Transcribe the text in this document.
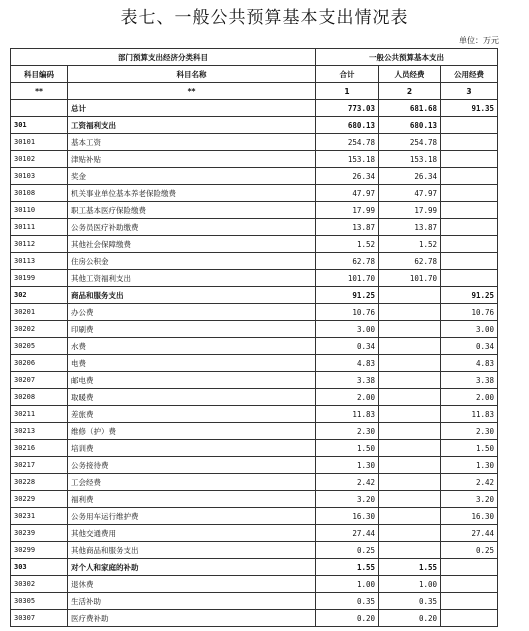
表七、一般公共预算基本支出情况表
单位：万元
部门预算支出经济分类科目		一般公共预算基本支出		
科目编码	科目名称	合计	人员经费	公用经费
**	**	1	2	3
	总计	773.03	681.68	91.35
301	工资福利支出	680.13	680.13	
30101	基本工资	254.78	254.78	
30102	津贴补贴	153.18	153.18	
30103	奖金	26.34	26.34	
30108	机关事业单位基本养老保险缴费	47.97	47.97	
30110	职工基本医疗保险缴费	17.99	17.99	
30111	公务员医疗补助缴费	13.87	13.87	
30112	其他社会保障缴费	1.52	1.52	
30113	住房公积金	62.78	62.78	
30199	其他工资福利支出	101.70	101.70	
302	商品和服务支出	91.25		91.25
30201	办公费	10.76		10.76
30202	印刷费	3.00		3.00
30205	水费	0.34		0.34
30206	电费	4.83		4.83
30207	邮电费	3.38		3.38
30208	取暖费	2.00		2.00
30211	差旅费	11.83		11.83
30213	维修（护）费	2.30		2.30
30216	培训费	1.50		1.50
30217	公务接待费	1.30		1.30
30228	工会经费	2.42		2.42
30229	福利费	3.20		3.20
30231	公务用车运行维护费	16.30		16.30
30239	其他交通费用	27.44		27.44
30299	其他商品和服务支出	0.25		0.25
303	对个人和家庭的补助	1.55	1.55	
30302	退休费	1.00	1.00	
30305	生活补助	0.35	0.35	
30307	医疗费补助	0.20	0.20	
